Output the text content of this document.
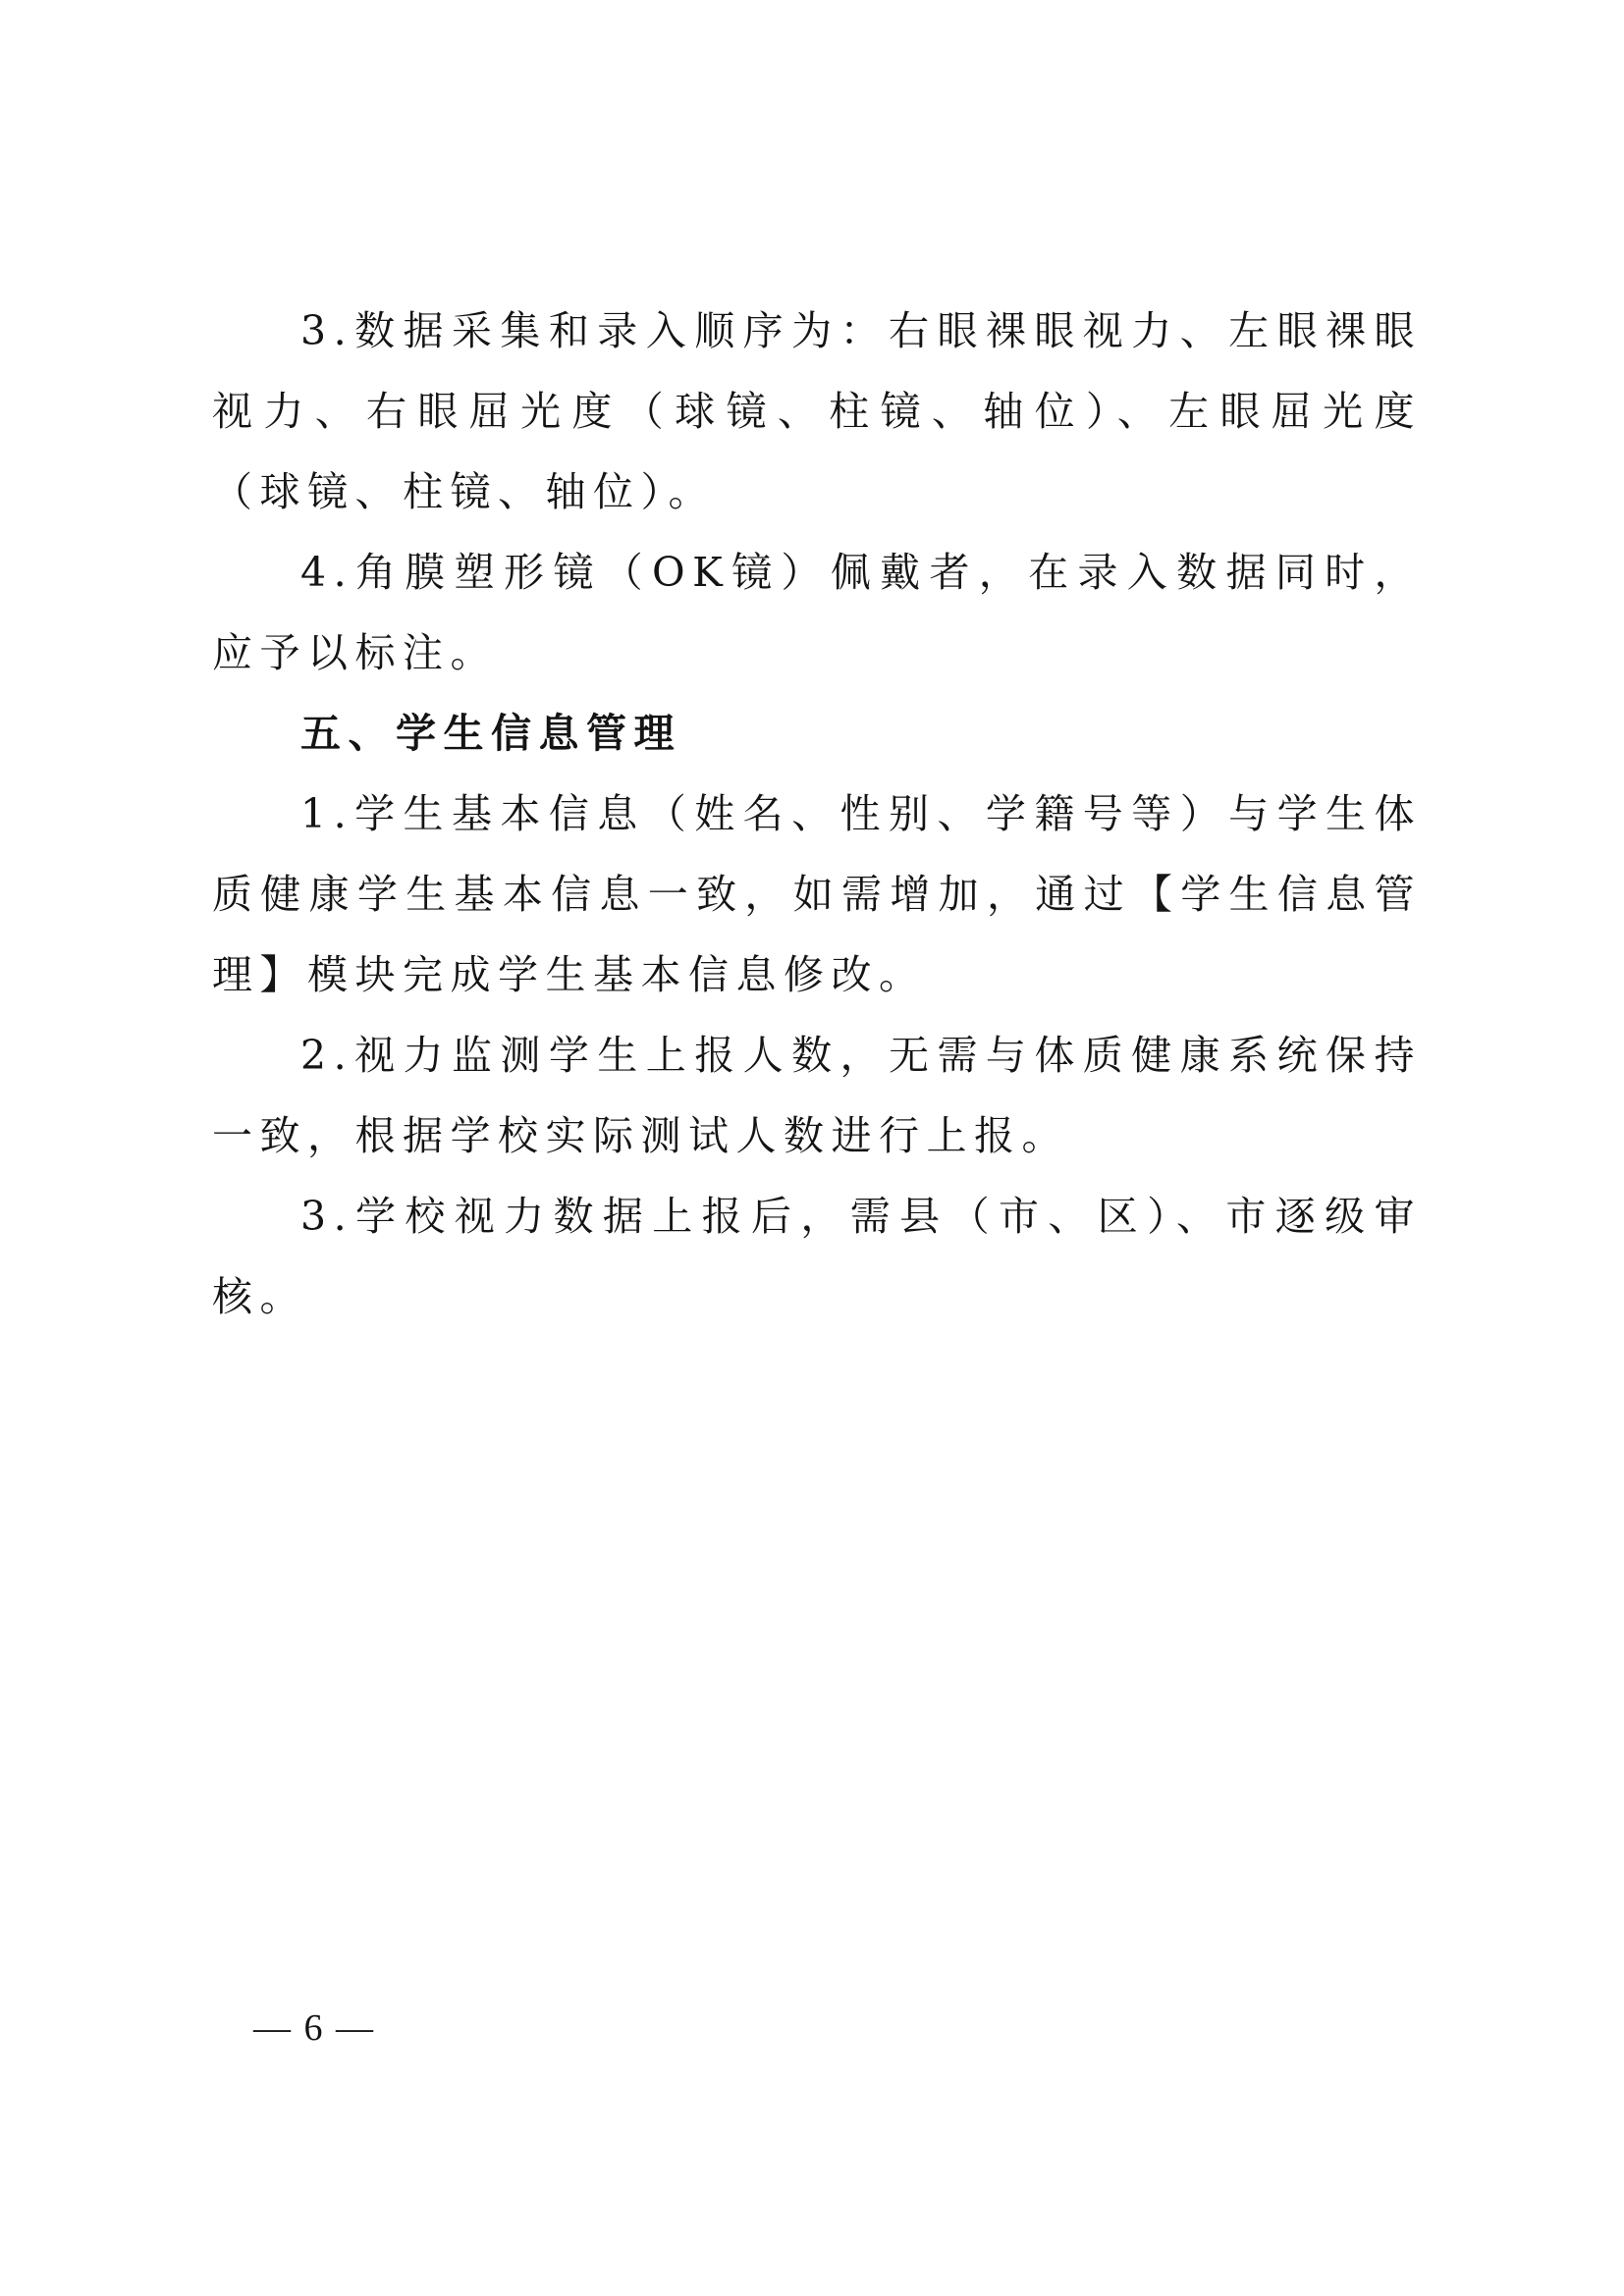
3.数据采集和录入顺序为：右眼裸眼视力、左眼裸眼视力、右眼屈光度（球镜、柱镜、轴位）、左眼屈光度（球镜、柱镜、轴位）。

4.角膜塑形镜（OK镜）佩戴者，在录入数据同时，应予以标注。

五、学生信息管理

1.学生基本信息（姓名、性别、学籍号等）与学生体质健康学生基本信息一致，如需增加，通过【学生信息管理】模块完成学生基本信息修改。

2.视力监测学生上报人数，无需与体质健康系统保持一致，根据学校实际测试人数进行上报。

3.学校视力数据上报后，需县（市、区）、市逐级审核。

— 6 —
